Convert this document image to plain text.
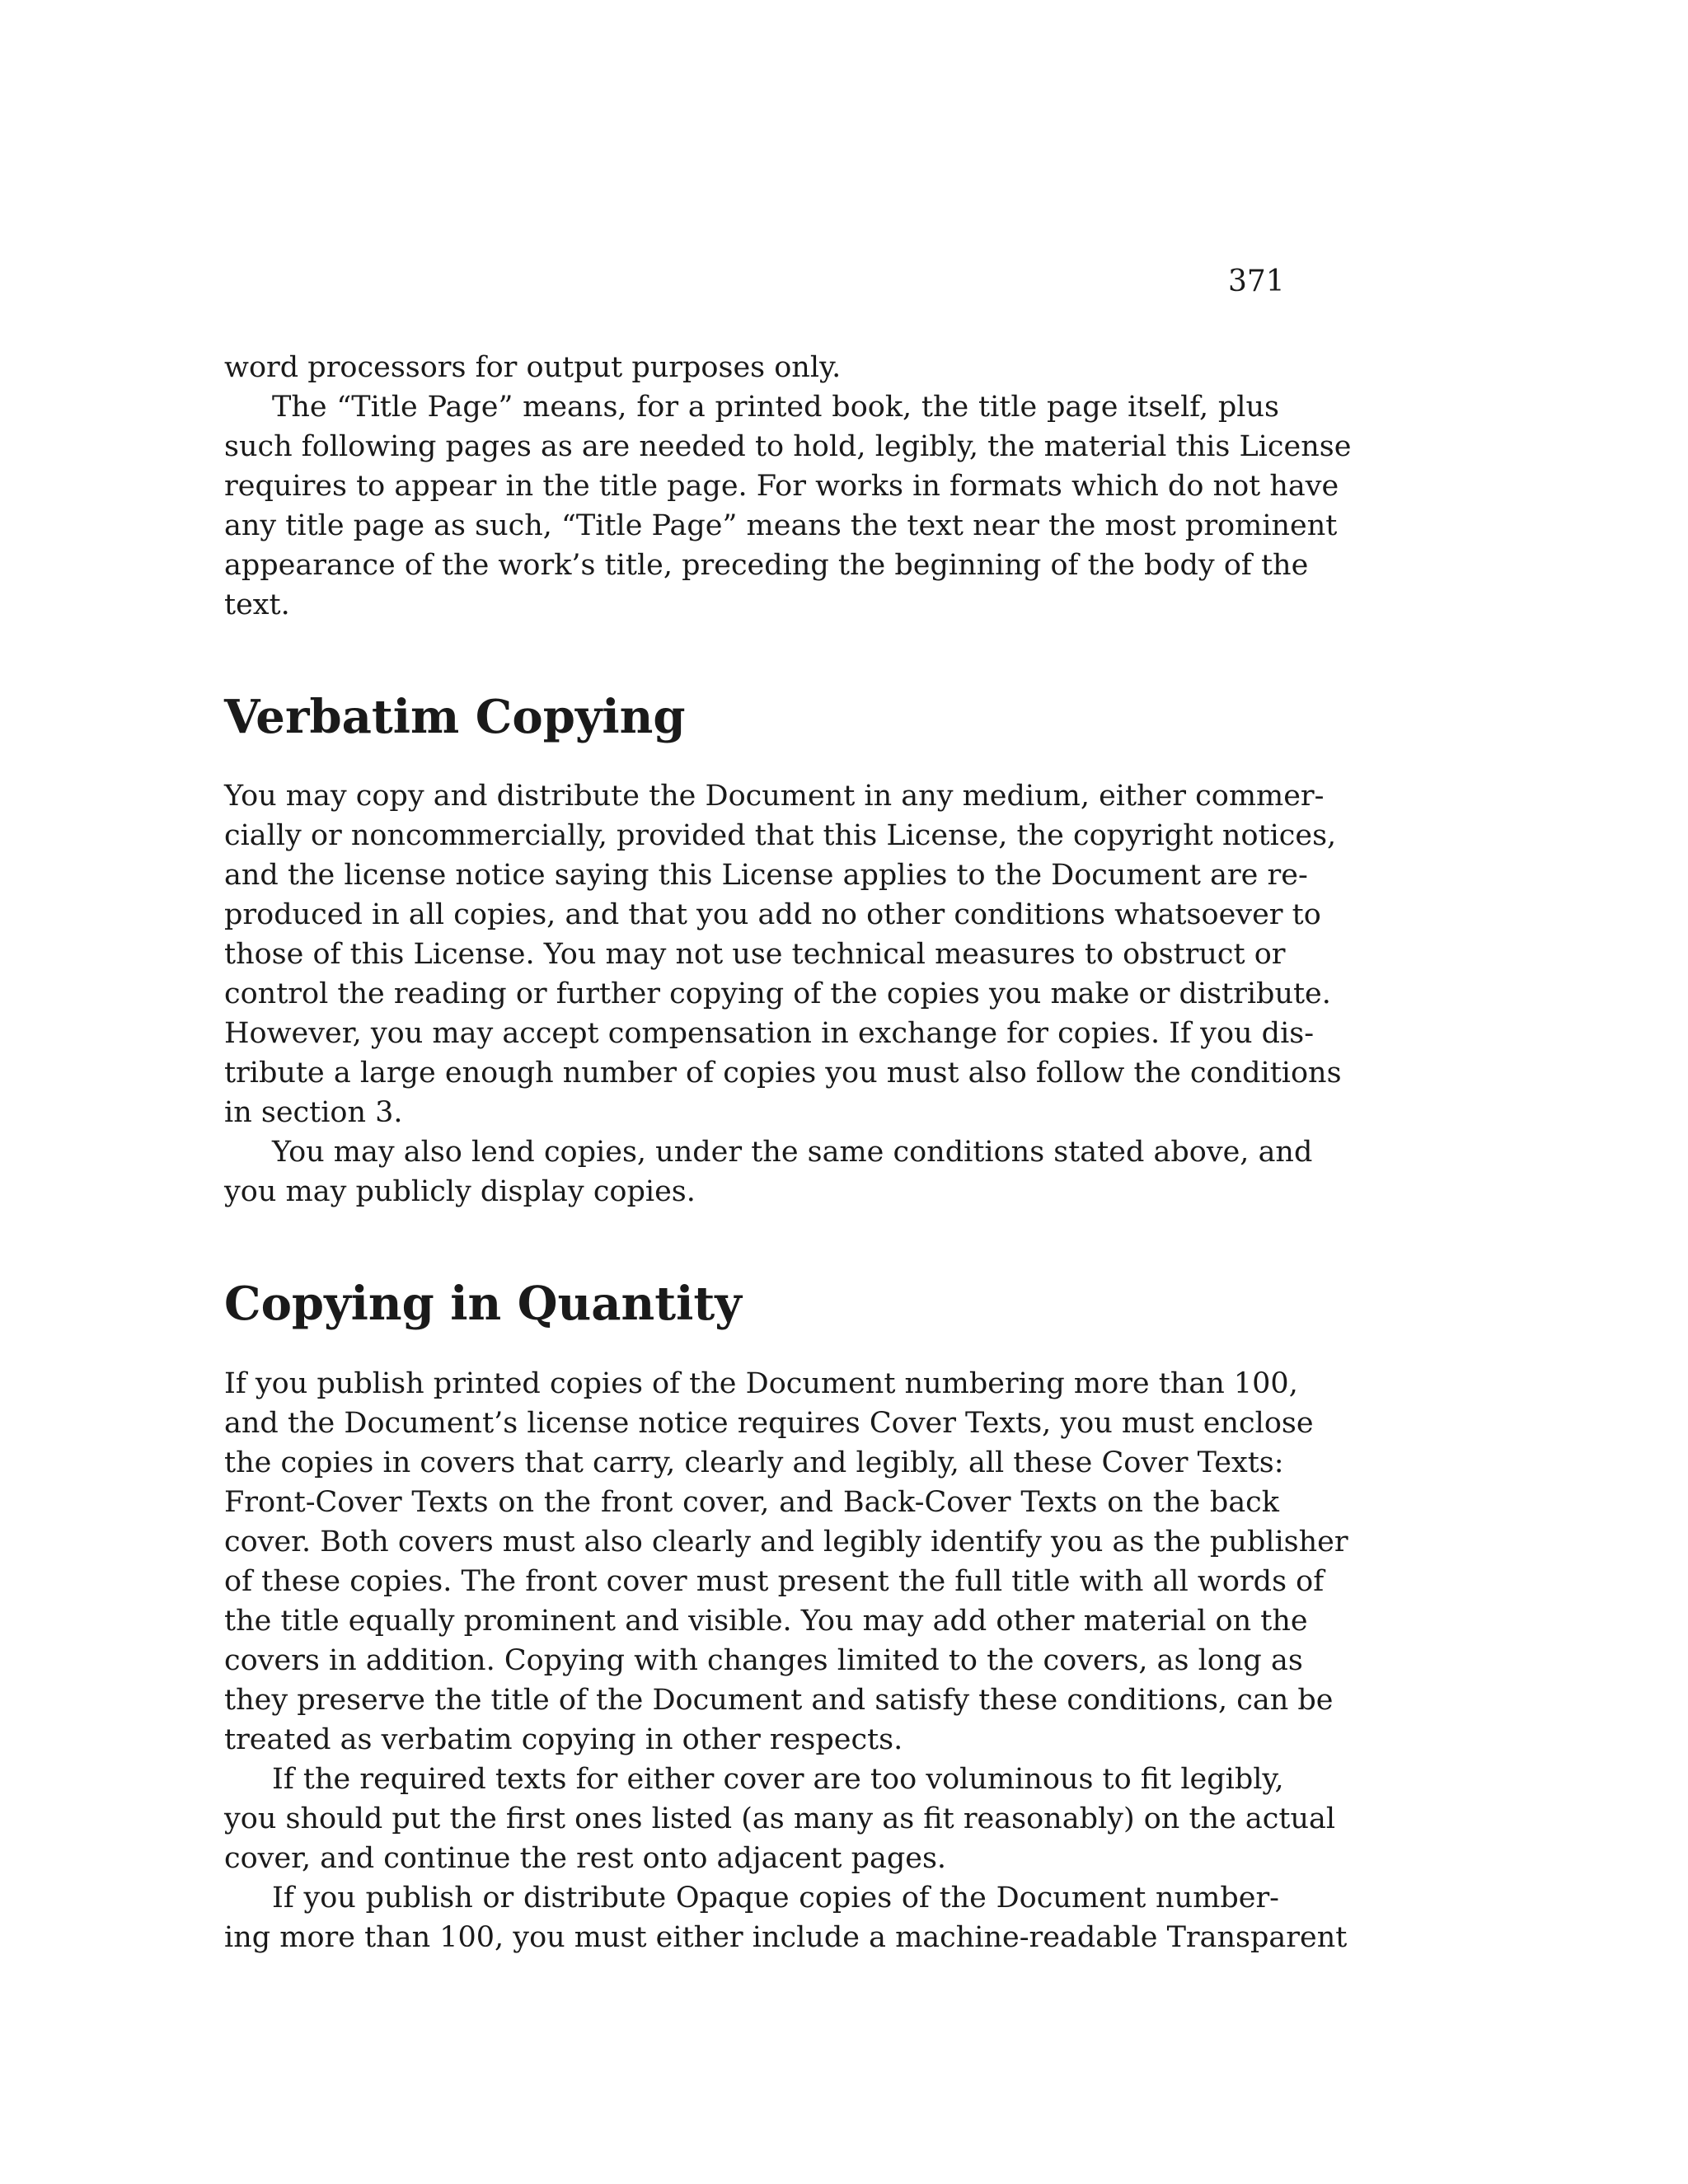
371
word processors for output purposes only.
The “Title Page” means, for a printed book, the title page itself, plus
such following pages as are needed to hold, legibly, the material this License
requires to appear in the title page. For works in formats which do not have
any title page as such, “Title Page” means the text near the most prominent
appearance of the work’s title, preceding the beginning of the body of the
text.
Verbatim Copying
You may copy and distribute the Document in any medium, either commer-
cially or noncommercially, provided that this License, the copyright notices,
and the license notice saying this License applies to the Document are re-
produced in all copies, and that you add no other conditions whatsoever to
those of this License. You may not use technical measures to obstruct or
control the reading or further copying of the copies you make or distribute.
However, you may accept compensation in exchange for copies. If you dis-
tribute a large enough number of copies you must also follow the conditions
in section 3.
You may also lend copies, under the same conditions stated above, and
you may publicly display copies.
Copying in Quantity
If you publish printed copies of the Document numbering more than 100,
and the Document’s license notice requires Cover Texts, you must enclose
the copies in covers that carry, clearly and legibly, all these Cover Texts:
Front-Cover Texts on the front cover, and Back-Cover Texts on the back
cover. Both covers must also clearly and legibly identify you as the publisher
of these copies. The front cover must present the full title with all words of
the title equally prominent and visible. You may add other material on the
covers in addition. Copying with changes limited to the covers, as long as
they preserve the title of the Document and satisfy these conditions, can be
treated as verbatim copying in other respects.
If the required texts for either cover are too voluminous to fit legibly,
you should put the first ones listed (as many as fit reasonably) on the actual
cover, and continue the rest onto adjacent pages.
If you publish or distribute Opaque copies of the Document number-
ing more than 100, you must either include a machine-readable Transparent
